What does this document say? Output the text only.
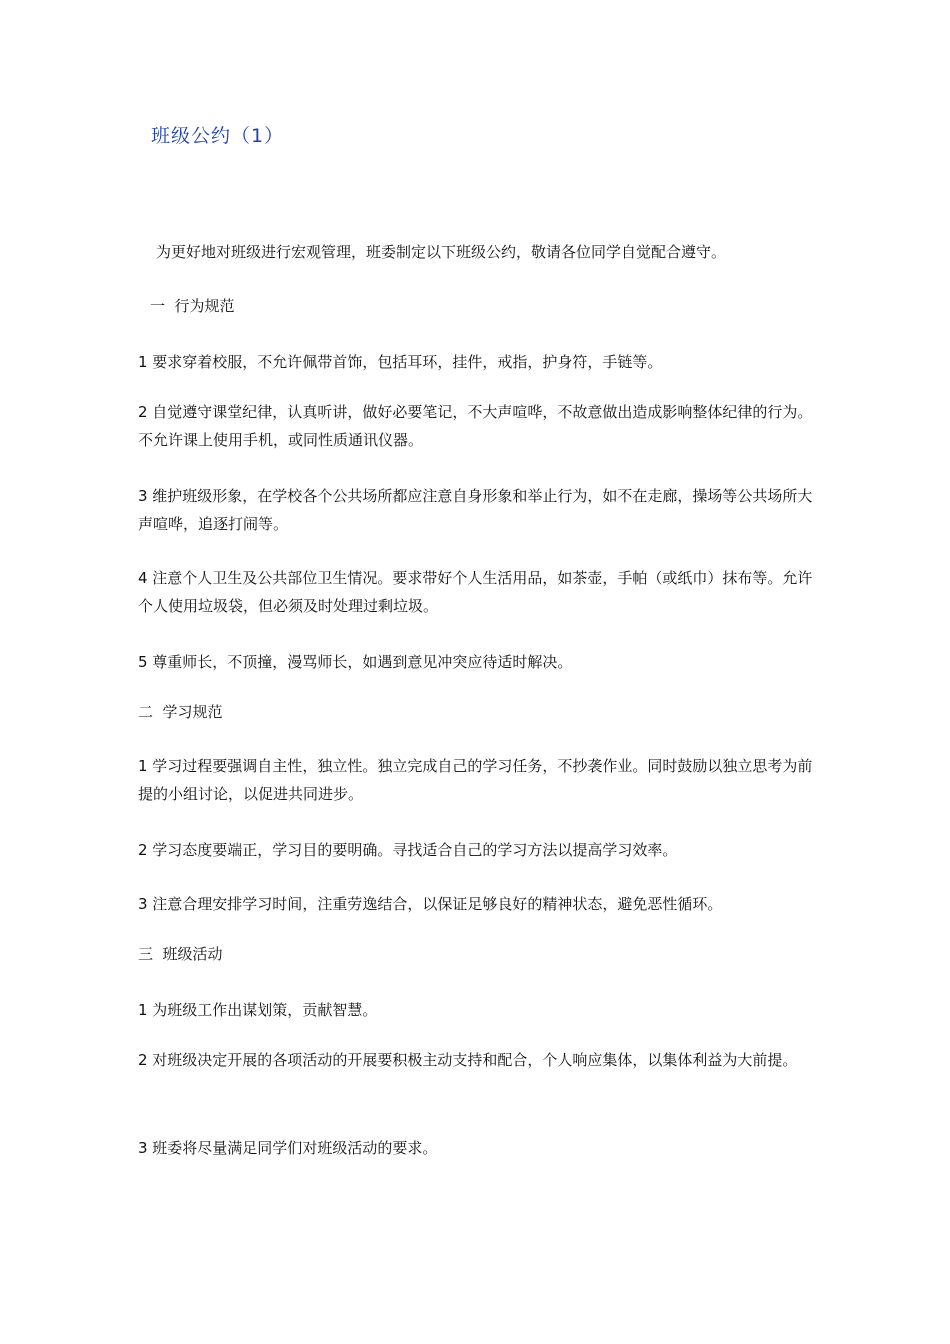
班级公约（1）

为更好地对班级进行宏观管理，班委制定以下班级公约，敬请各位同学自觉配合遵守。

一  行为规范

1 要求穿着校服，不允许佩带首饰，包括耳环，挂件，戒指，护身符，手链等。

2 自觉遵守课堂纪律，认真听讲，做好必要笔记，不大声喧哗，不故意做出造成影响整体纪律的行为。不允许课上使用手机，或同性质通讯仪器。

3 维护班级形象，在学校各个公共场所都应注意自身形象和举止行为，如不在走廊，操场等公共场所大声喧哗，追逐打闹等。

4 注意个人卫生及公共部位卫生情况。要求带好个人生活用品，如茶壶，手帕（或纸巾）抹布等。允许个人使用垃圾袋，但必须及时处理过剩垃圾。

5 尊重师长，不顶撞，漫骂师长，如遇到意见冲突应待适时解决。

二  学习规范

1 学习过程要强调自主性，独立性。独立完成自己的学习任务，不抄袭作业。同时鼓励以独立思考为前提的小组讨论，以促进共同进步。

2 学习态度要端正，学习目的要明确。寻找适合自己的学习方法以提高学习效率。

3 注意合理安排学习时间，注重劳逸结合，以保证足够良好的精神状态，避免恶性循环。

三  班级活动

1 为班级工作出谋划策，贡献智慧。

2 对班级决定开展的各项活动的开展要积极主动支持和配合，个人响应集体，以集体利益为大前提。

3 班委将尽量满足同学们对班级活动的要求。
